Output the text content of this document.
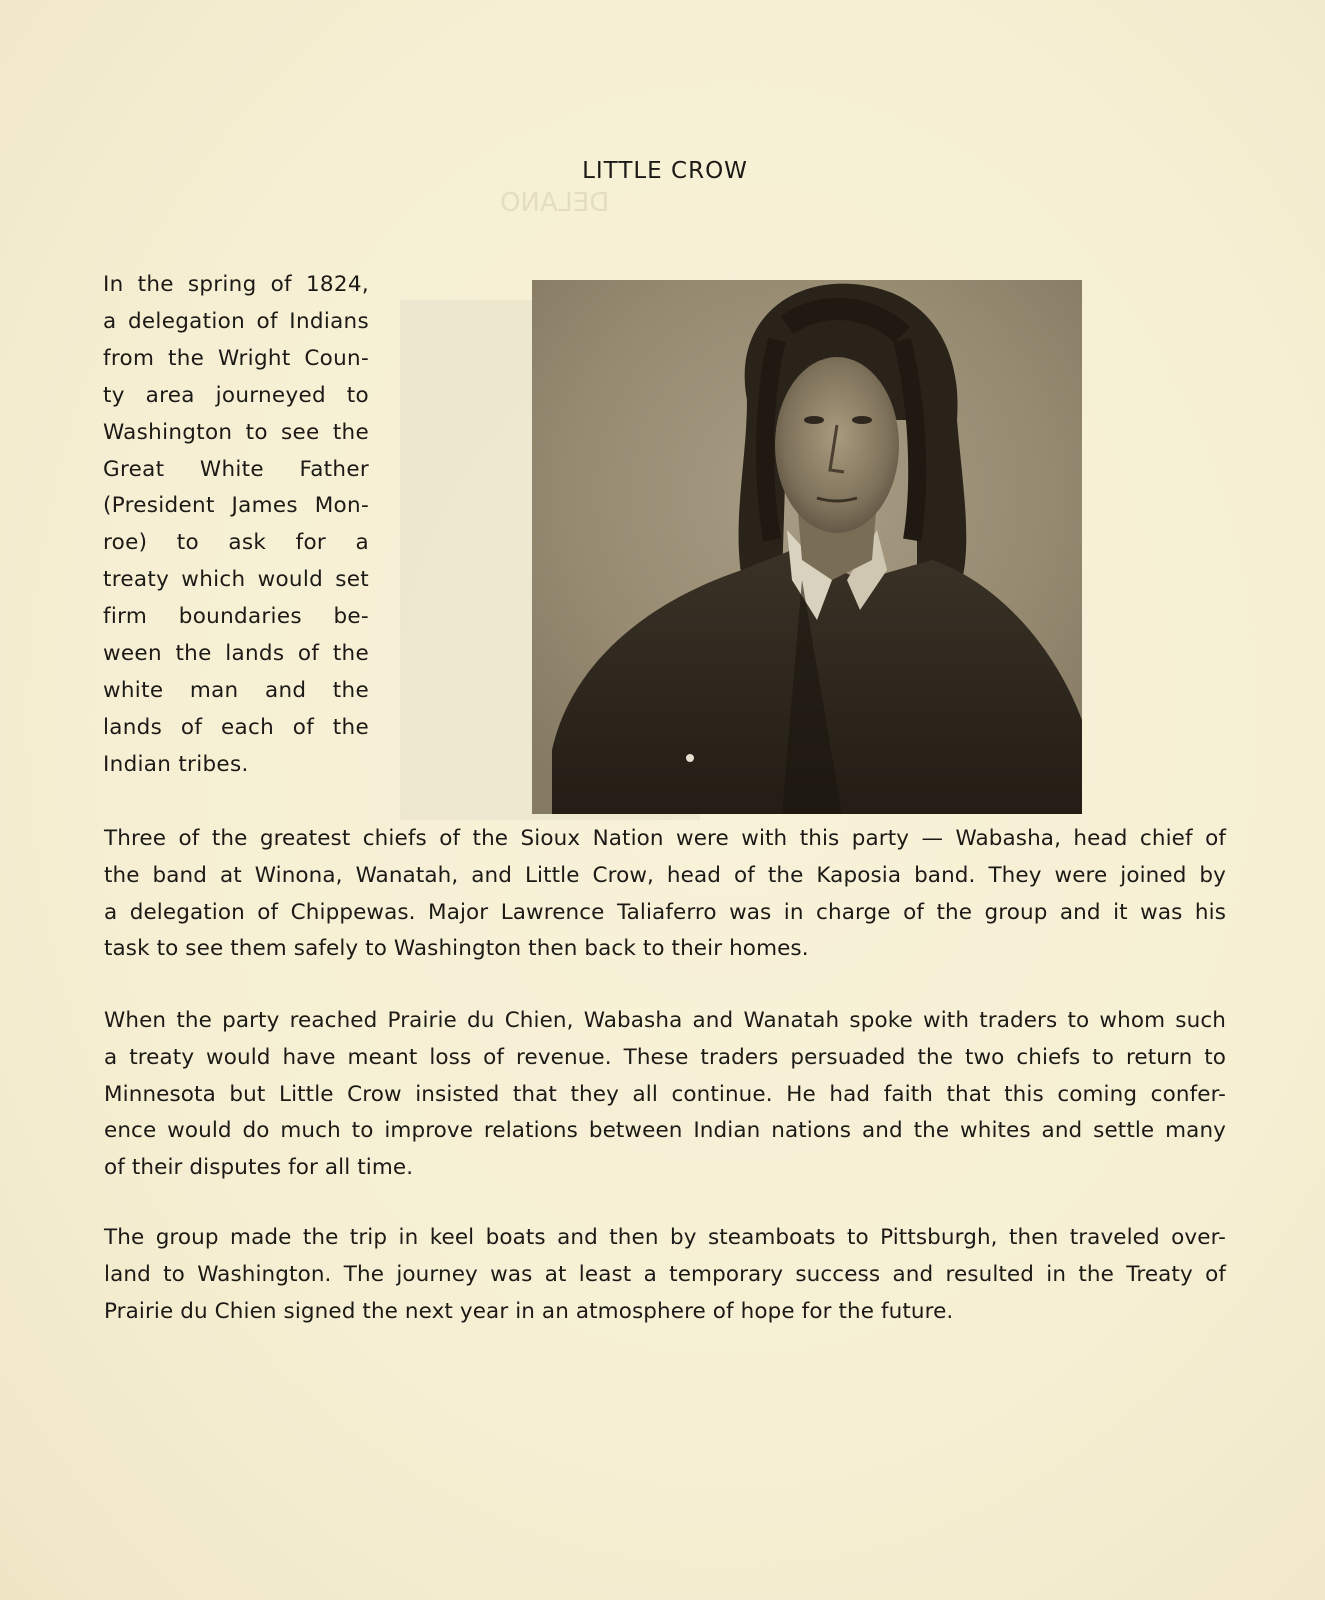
DELANO
LITTLE CROW
In the spring of 1824,
a delegation of Indians
from the Wright Coun-
ty area journeyed to
Washington to see the
Great White Father
(President James Mon-
roe) to ask for a
treaty which would set
firm boundaries be-
ween the lands of the
white man and the
lands of each of the
Indian tribes.
Three of the greatest chiefs of the Sioux Nation were with this party — Wabasha, head chief of
the band at Winona, Wanatah, and Little Crow, head of the Kaposia band. They were joined by
a delegation of Chippewas. Major Lawrence Taliaferro was in charge of the group and it was his
task to see them safely to Washington then back to their homes.
When the party reached Prairie du Chien, Wabasha and Wanatah spoke with traders to whom such
a treaty would have meant loss of revenue. These traders persuaded the two chiefs to return to
Minnesota but Little Crow insisted that they all continue. He had faith that this coming confer-
ence would do much to improve relations between Indian nations and the whites and settle many
of their disputes for all time.
The group made the trip in keel boats and then by steamboats to Pittsburgh, then traveled over-
land to Washington. The journey was at least a temporary success and resulted in the Treaty of
Prairie du Chien signed the next year in an atmosphere of hope for the future.
